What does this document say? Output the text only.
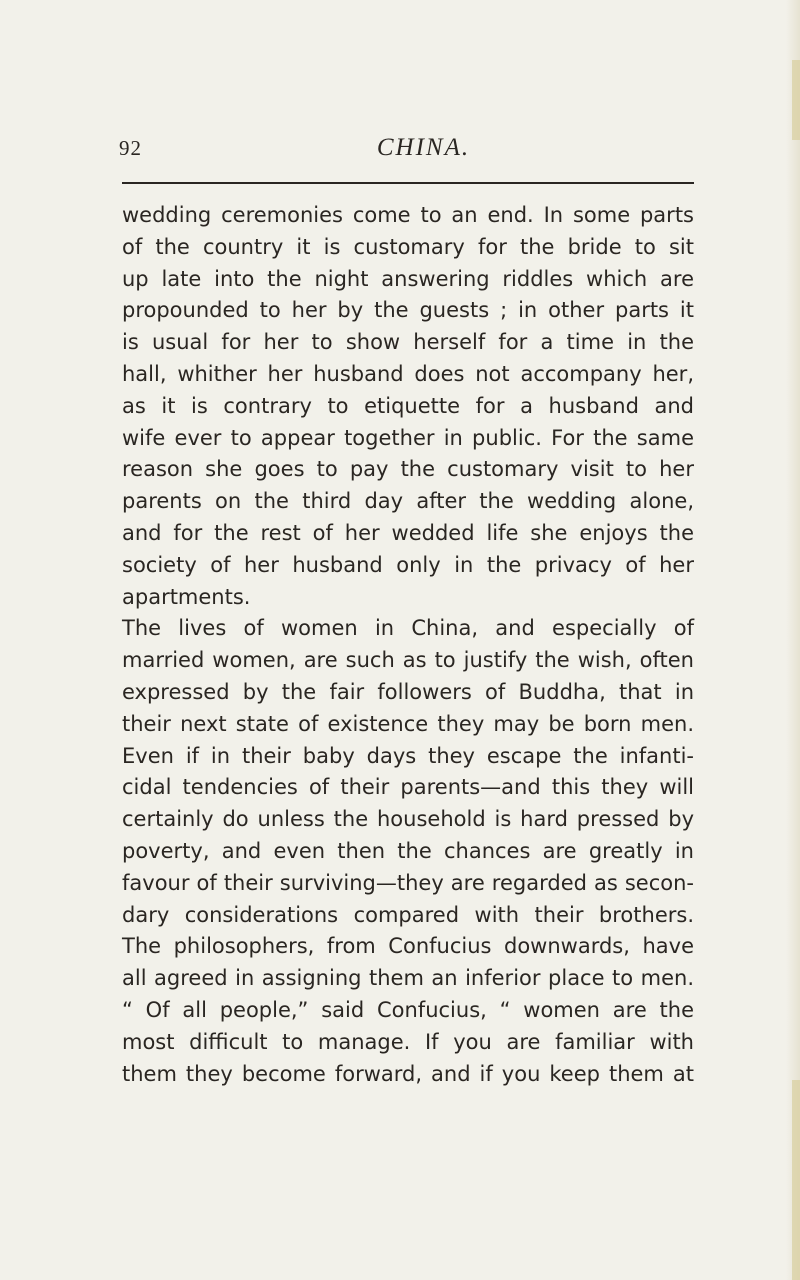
92	CHINA.
wedding ceremonies come to an end. In some parts
of the country it is customary for the bride to sit
up late into the night answering riddles which are
propounded to her by the guests ; in other parts it
is usual for her to show herself for a time in the
hall, whither her husband does not accompany her,
as it is contrary to etiquette for a husband and
wife ever to appear together in public. For the same
reason she goes to pay the customary visit to her
parents on the third day after the wedding alone,
and for the rest of her wedded life she enjoys the
society of her husband only in the privacy of her
apartments.
The lives of women in China, and especially of
married women, are such as to justify the wish, often
expressed by the fair followers of Buddha, that in
their next state of existence they may be born men.
Even if in their baby days they escape the infanti-
cidal tendencies of their parents—and this they will
certainly do unless the household is hard pressed by
poverty, and even then the chances are greatly in
favour of their surviving—they are regarded as secon-
dary considerations compared with their brothers.
The philosophers, from Confucius downwards, have
all agreed in assigning them an inferior place to men.
“ Of all people,” said Confucius, “ women are the
most difficult to manage. If you are familiar with
them they become forward, and if you keep them at
